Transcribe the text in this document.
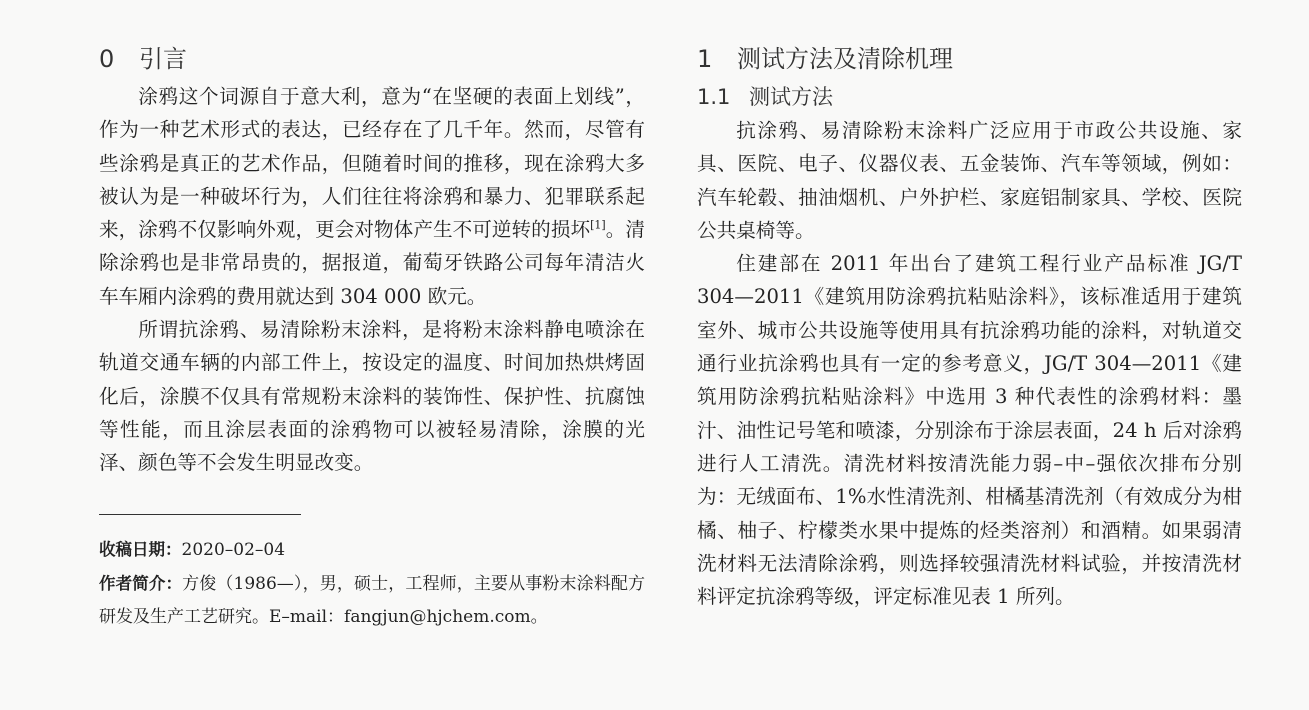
0 引言

涂鸦这个词源自于意大利，意为“在坚硬的表面上划线”，作为一种艺术形式的表达，已经存在了几千年。然而，尽管有些涂鸦是真正的艺术作品，但随着时间的推移，现在涂鸦大多被认为是一种破坏行为，人们往往将涂鸦和暴力、犯罪联系起来，涂鸦不仅影响外观，更会对物体产生不可逆转的损坏[1]。清除涂鸦也是非常昂贵的，据报道，葡萄牙铁路公司每年清洁火车车厢内涂鸦的费用就达到 304 000 欧元。

所谓抗涂鸦、易清除粉末涂料，是将粉末涂料静电喷涂在轨道交通车辆的内部工件上，按设定的温度、时间加热烘烤固化后，涂膜不仅具有常规粉末涂料的装饰性、保护性、抗腐蚀等性能，而且涂层表面的涂鸦物可以被轻易清除，涂膜的光泽、颜色等不会发生明显改变。

收稿日期：2020–02–04
作者简介：方俊（1986—），男，硕士，工程师，主要从事粉末涂料配方研发及生产工艺研究。E–mail：fangjun@hjchem.com。
1 测试方法及清除机理
1.1 测试方法

抗涂鸦、易清除粉末涂料广泛应用于市政公共设施、家具、医院、电子、仪器仪表、五金装饰、汽车等领域，例如：汽车轮毂、抽油烟机、户外护栏、家庭铝制家具、学校、医院公共桌椅等。

住建部在 2011 年出台了建筑工程行业产品标准 JG/T 304—2011《建筑用防涂鸦抗粘贴涂料》，该标准适用于建筑室外、城市公共设施等使用具有抗涂鸦功能的涂料，对轨道交通行业抗涂鸦也具有一定的参考意义，JG/T 304—2011《建筑用防涂鸦抗粘贴涂料》中选用 3 种代表性的涂鸦材料：墨汁、油性记号笔和喷漆，分别涂布于涂层表面，24 h 后对涂鸦进行人工清洗。清洗材料按清洗能力弱–中–强依次排布分别为：无绒面布、1%水性清洗剂、柑橘基清洗剂（有效成分为柑橘、柚子、柠檬类水果中提炼的烃类溶剂）和酒精。如果弱清洗材料无法清除涂鸦，则选择较强清洗材料试验，并按清洗材料评定抗涂鸦等级，评定标准见表 1 所列。
